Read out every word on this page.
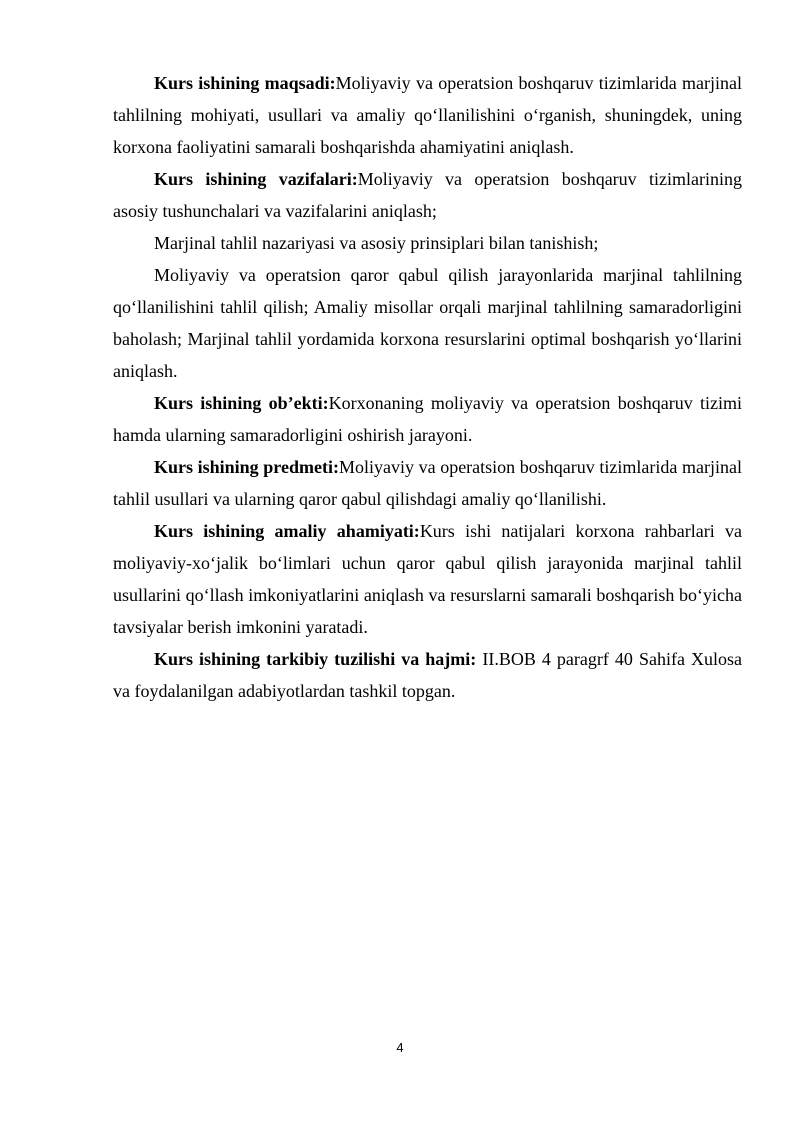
Kurs ishining maqsadi:Moliyaviy va operatsion boshqaruv tizimlarida marjinal tahlilning mohiyati, usullari va amaliy qo‘llanilishini o‘rganish, shuningdek, uning korxona faoliyatini samarali boshqarishda ahamiyatini aniqlash.

Kurs ishining vazifalari:Moliyaviy va operatsion boshqaruv tizimlarining asosiy tushunchalari va vazifalarini aniqlash;

Marjinal tahlil nazariyasi va asosiy prinsiplari bilan tanishish;

Moliyaviy va operatsion qaror qabul qilish jarayonlarida marjinal tahlilning qo‘llanilishini tahlil qilish; Amaliy misollar orqali marjinal tahlilning samaradorligini baholash; Marjinal tahlil yordamida korxona resurslarini optimal boshqarish yo‘llarini aniqlash.

Kurs ishining ob’ekti:Korxonaning moliyaviy va operatsion boshqaruv tizimi hamda ularning samaradorligini oshirish jarayoni.

Kurs ishining predmeti:Moliyaviy va operatsion boshqaruv tizimlarida marjinal tahlil usullari va ularning qaror qabul qilishdagi amaliy qo‘llanilishi.

Kurs ishining amaliy ahamiyati:Kurs ishi natijalari korxona rahbarlari va moliyaviy-xo‘jalik bo‘limlari uchun qaror qabul qilish jarayonida marjinal tahlil usullarini qo‘llash imkoniyatlarini aniqlash va resurslarni samarali boshqarish bo‘yicha tavsiyalar berish imkonini yaratadi.

Kurs ishining tarkibiy tuzilishi va hajmi: II.BOB 4 paragrf 40 Sahifa Xulosa va foydalanilgan adabiyotlardan tashkil topgan.

4
